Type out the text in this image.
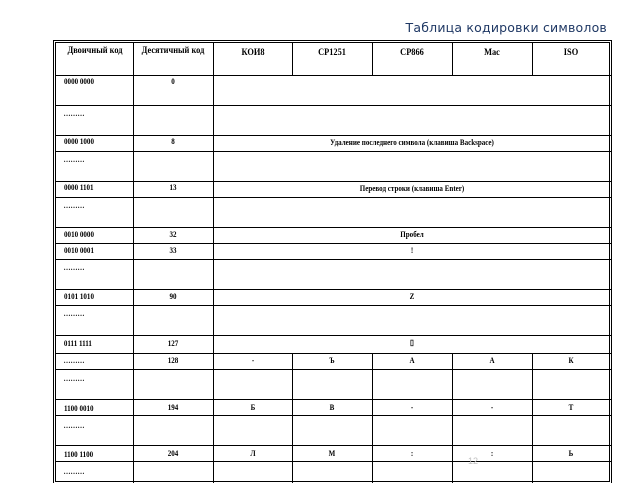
Таблица кодировки символов
Двоичный код	Десятичный код	КОИ8	CP1251	CP866	Mac	ISO
0000 0000	0
………
0000 1000	8	Удаление последнего символа (клавиша Backspace)
………
0000 1101	13	Перевод строки (клавиша Enter)
………
0010 0000	32	Пробел
0010 0001	33	!
………
0101 1010	90	Z
………
0111 1111	127	▯
………	128	-	Ъ	А	А	К
………
1100 0010	194	Б	В	-	-	Т
………
1100 1100	204	Л	М	:	:	Ь
………
12
